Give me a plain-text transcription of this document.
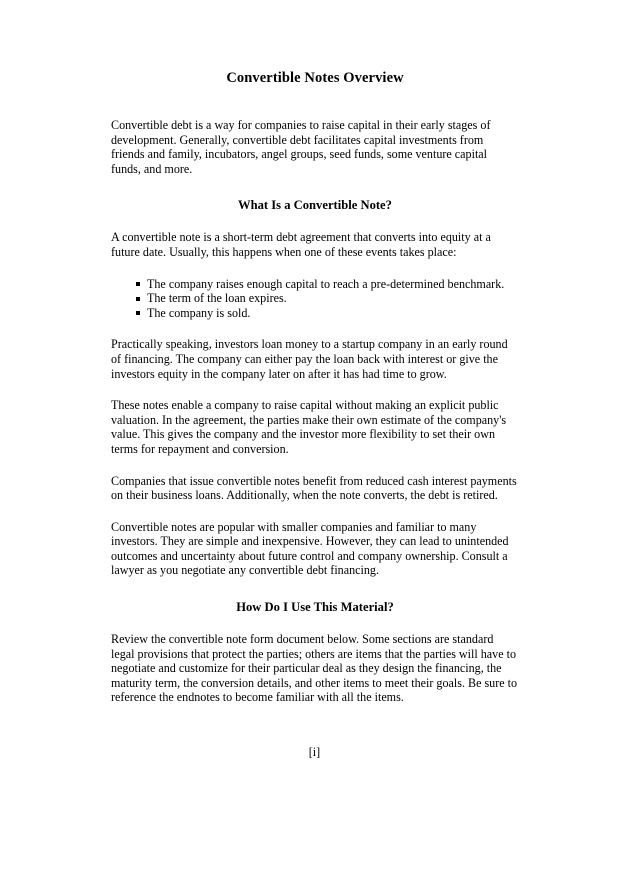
Convertible Notes Overview

Convertible debt is a way for companies to raise capital in their early stages of development. Generally, convertible debt facilitates capital investments from friends and family, incubators, angel groups, seed funds, some venture capital funds, and more.

What Is a Convertible Note?

A convertible note is a short-term debt agreement that converts into equity at a future date. Usually, this happens when one of these events takes place:

The company raises enough capital to reach a pre-determined benchmark.
The term of the loan expires.
The company is sold.

Practically speaking, investors loan money to a startup company in an early round of financing. The company can either pay the loan back with interest or give the investors equity in the company later on after it has had time to grow.

These notes enable a company to raise capital without making an explicit public valuation. In the agreement, the parties make their own estimate of the company's value. This gives the company and the investor more flexibility to set their own terms for repayment and conversion.

Companies that issue convertible notes benefit from reduced cash interest payments on their business loans. Additionally, when the note converts, the debt is retired.

Convertible notes are popular with smaller companies and familiar to many investors. They are simple and inexpensive. However, they can lead to unintended outcomes and uncertainty about future control and company ownership. Consult a lawyer as you negotiate any convertible debt financing.

How Do I Use This Material?

Review the convertible note form document below. Some sections are standard legal provisions that protect the parties; others are items that the parties will have to negotiate and customize for their particular deal as they design the financing, the maturity term, the conversion details, and other items to meet their goals. Be sure to reference the endnotes to become familiar with all the items.

[i]
